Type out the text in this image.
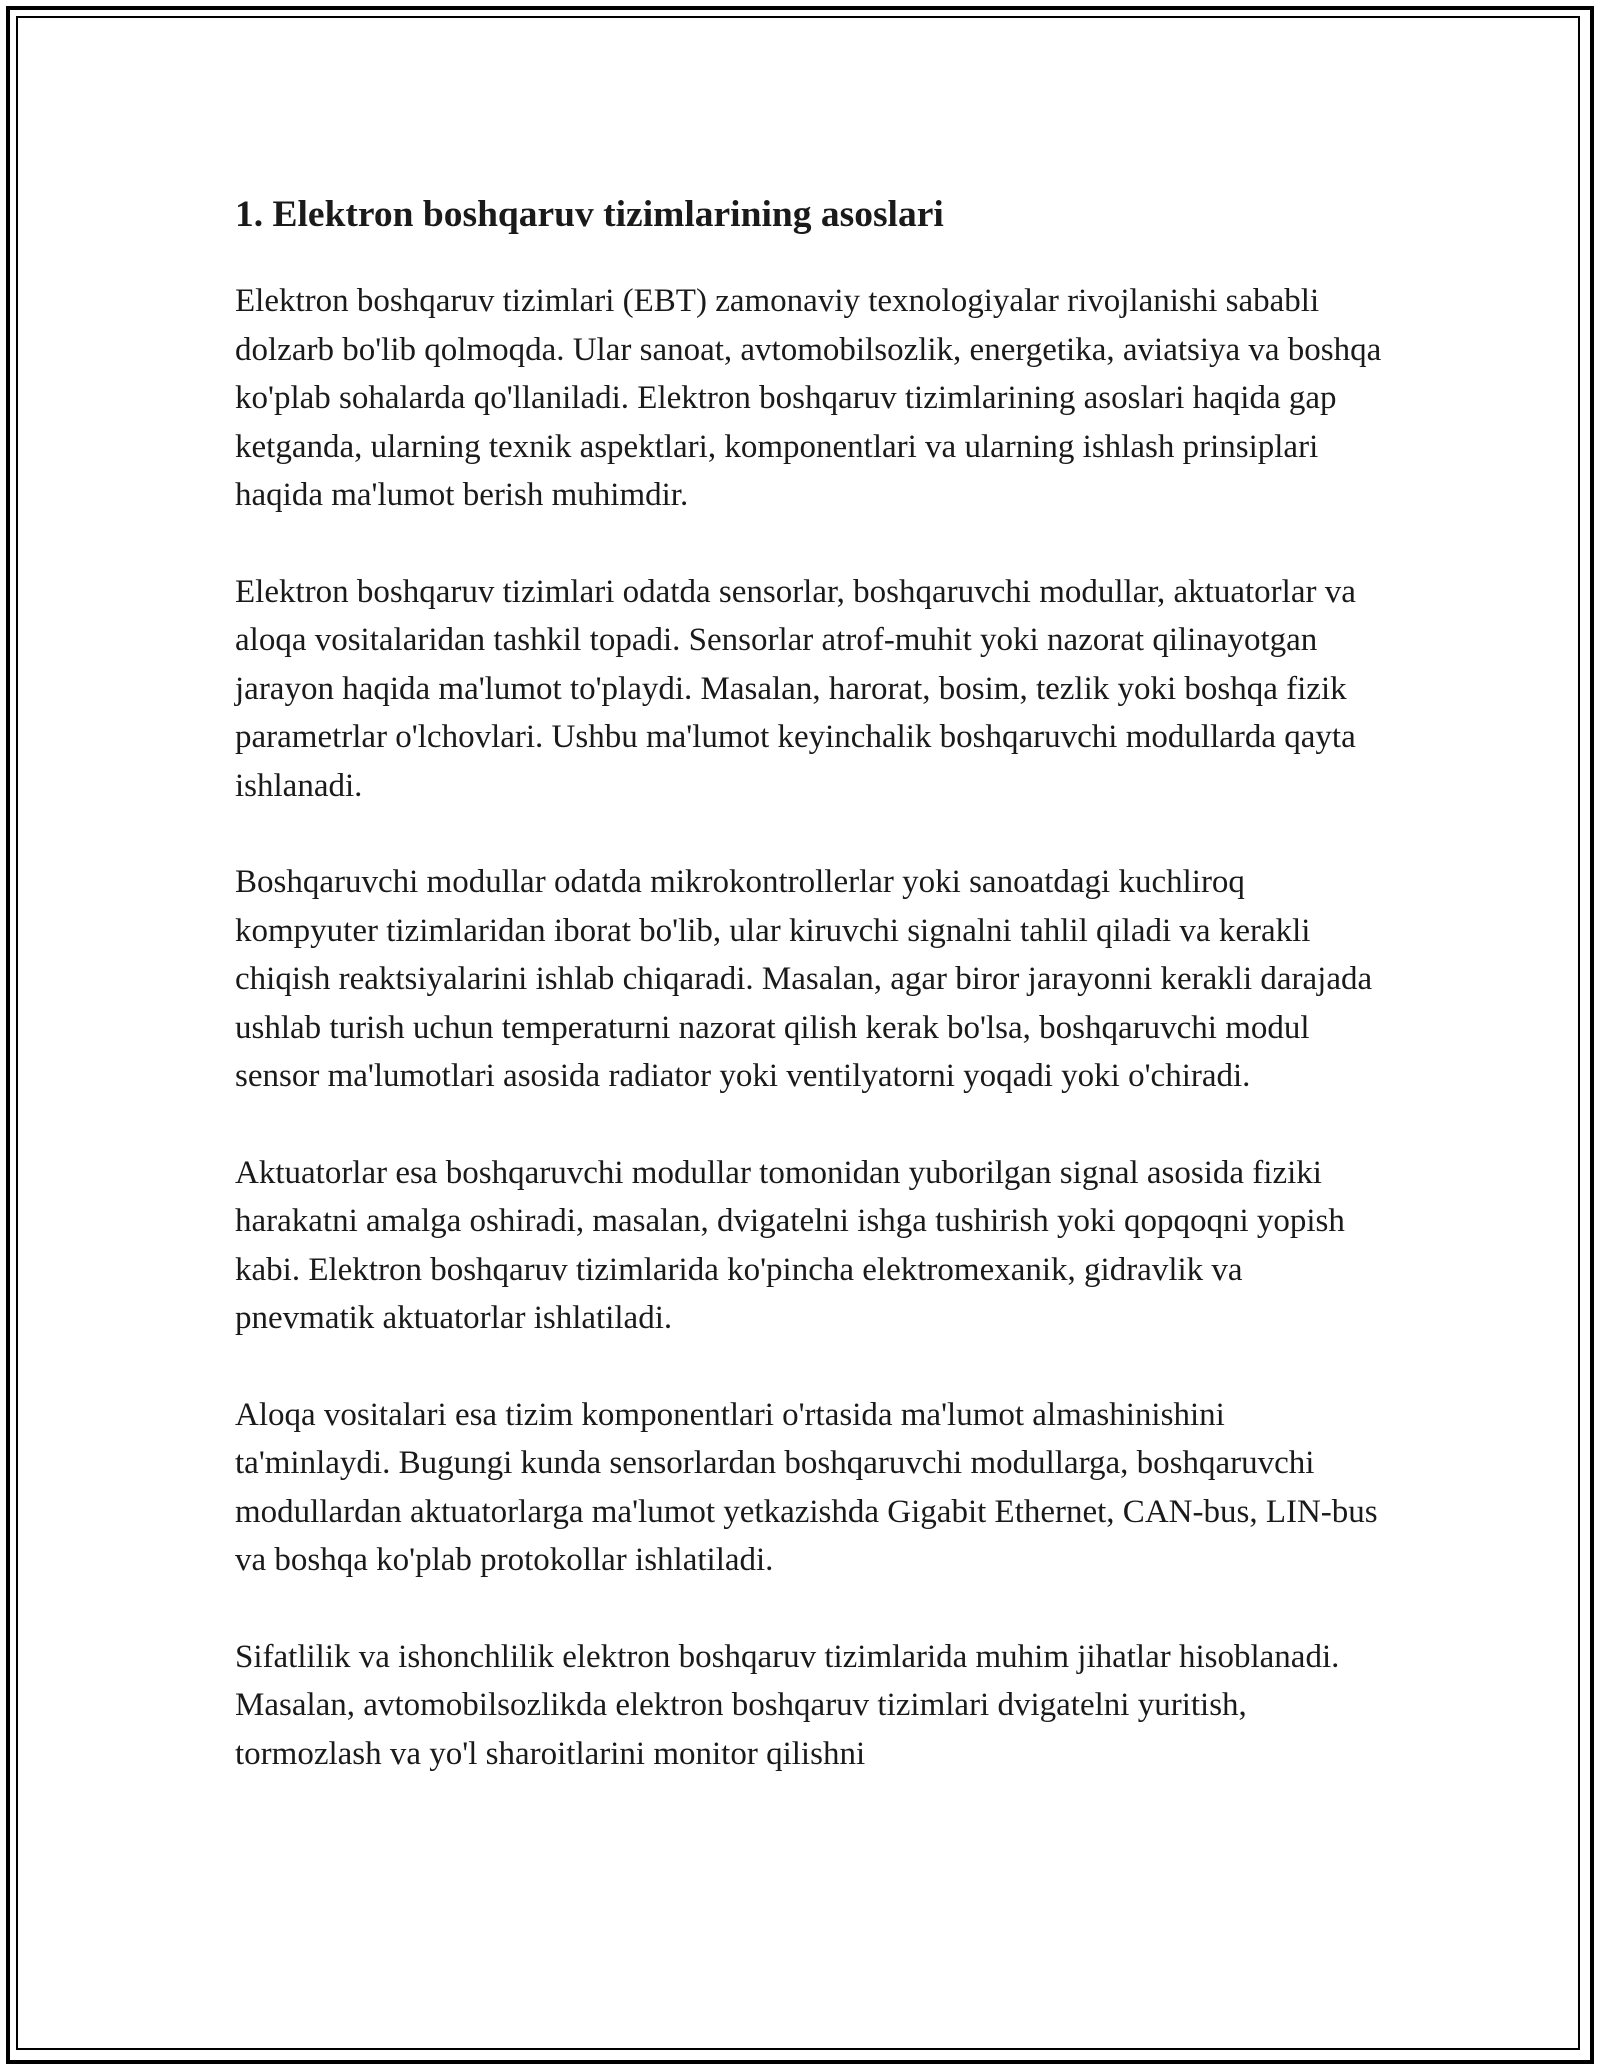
1. Elektron boshqaruv tizimlarining asoslari

Elektron boshqaruv tizimlari (EBT) zamonaviy texnologiyalar rivojlanishi sababli dolzarb bo'lib qolmoqda. Ular sanoat, avtomobilsozlik, energetika, aviatsiya va boshqa ko'plab sohalarda qo'llaniladi. Elektron boshqaruv tizimlarining asoslari haqida gap ketganda, ularning texnik aspektlari, komponentlari va ularning ishlash prinsiplari haqida ma'lumot berish muhimdir.

Elektron boshqaruv tizimlari odatda sensorlar, boshqaruvchi modullar, aktuatorlar va aloqa vositalaridan tashkil topadi. Sensorlar atrof-muhit yoki nazorat qilinayotgan jarayon haqida ma'lumot to'playdi. Masalan, harorat, bosim, tezlik yoki boshqa fizik parametrlar o'lchovlari. Ushbu ma'lumot keyinchalik boshqaruvchi modullarda qayta ishlanadi.

Boshqaruvchi modullar odatda mikrokontrollerlar yoki sanoatdagi kuchliroq kompyuter tizimlaridan iborat bo'lib, ular kiruvchi signalni tahlil qiladi va kerakli chiqish reaktsiyalarini ishlab chiqaradi. Masalan, agar biror jarayonni kerakli darajada ushlab turish uchun temperaturni nazorat qilish kerak bo'lsa, boshqaruvchi modul sensor ma'lumotlari asosida radiator yoki ventilyatorni yoqadi yoki o'chiradi.

Aktuatorlar esa boshqaruvchi modullar tomonidan yuborilgan signal asosida fiziki harakatni amalga oshiradi, masalan, dvigatelni ishga tushirish yoki qopqoqni yopish kabi. Elektron boshqaruv tizimlarida ko'pincha elektromexanik, gidravlik va pnevmatik aktuatorlar ishlatiladi.

Aloqa vositalari esa tizim komponentlari o'rtasida ma'lumot almashinishini ta'minlaydi. Bugungi kunda sensorlardan boshqaruvchi modullarga, boshqaruvchi modullardan aktuatorlarga ma'lumot yetkazishda Gigabit Ethernet, CAN-bus, LIN-bus va boshqa ko'plab protokollar ishlatiladi.

Sifatlilik va ishonchlilik elektron boshqaruv tizimlarida muhim jihatlar hisoblanadi. Masalan, avtomobilsozlikda elektron boshqaruv tizimlari dvigatelni yuritish, tormozlash va yo'l sharoitlarini monitor qilishni
